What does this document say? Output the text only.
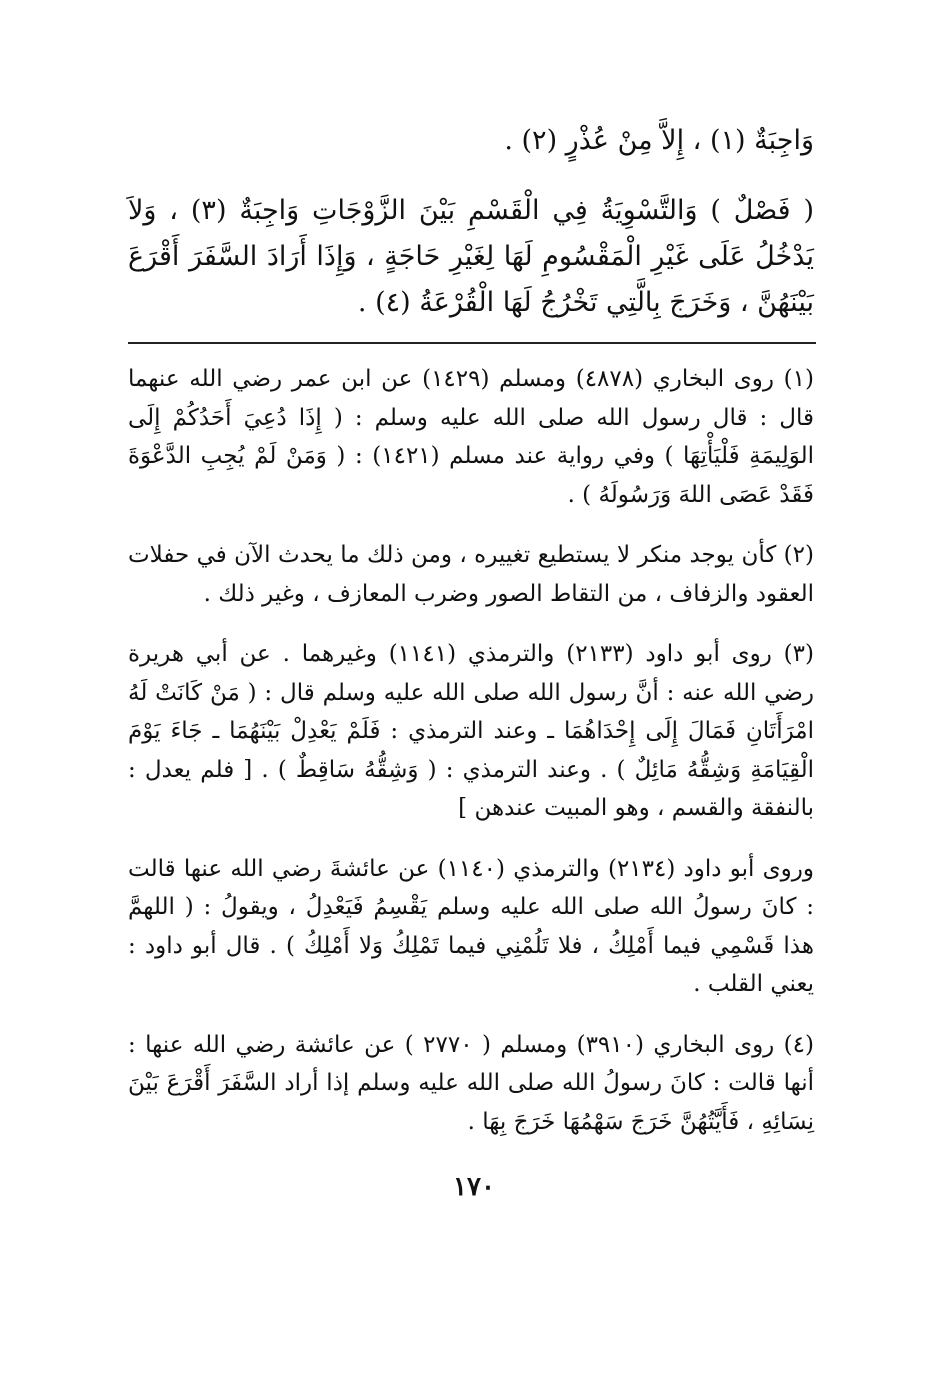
وَاجِبَةٌ (١) ، إِلاَّ مِنْ عُذْرٍ (٢) .

( فَصْلٌ ) وَالتَّسْوِيَةُ فِي الْقَسْمِ بَيْنَ الزَّوْجَاتِ وَاجِبَةٌ (٣) ، وَلاَ يَدْخُلُ عَلَى غَيْرِ الْمَقْسُومِ لَهَا لِغَيْرِ حَاجَةٍ ، وَإِذَا أَرَادَ السَّفَرَ أَقْرَعَ بَيْنَهُنَّ ، وَخَرَجَ بِالَّتِي تَخْرُجُ لَهَا الْقُرْعَةُ (٤) .

(١) روى البخاري (٤٨٧٨) ومسلم (١٤٢٩) عن ابن عمر رضي الله عنهما قال : قال رسول الله صلى الله عليه وسلم : ( إِذَا دُعِيَ أَحَدُكُمْ إِلَى الوَلِيمَةِ فَلْيَأْتِهَا ) وفي رواية عند مسلم (١٤٢١) : ( وَمَنْ لَمْ يُجِبِ الدَّعْوَةَ فَقَدْ عَصَى اللهَ وَرَسُولَهُ ) .

(٢) كأن يوجد منكر لا يستطيع تغييره ، ومن ذلك ما يحدث الآن في حفلات العقود والزفاف ، من التقاط الصور وضرب المعازف ، وغير ذلك .

(٣) روى أبو داود (٢١٣٣) والترمذي (١١٤١) وغيرهما . عن أبي هريرة رضي الله عنه : أنَّ رسول الله صلى الله عليه وسلم قال : ( مَنْ كَانَتْ لَهُ امْرَأَتَانِ فَمَالَ إِلَى إِحْدَاهُمَا ـ وعند الترمذي : فَلَمْ يَعْدِلْ بَيْنَهُمَا ـ جَاءَ يَوْمَ الْقِيَامَةِ وَشِقُّهُ مَائِلٌ ) . وعند الترمذي : ( وَشِقُّهُ سَاقِطٌ ) . [ فلم يعدل : بالنفقة والقسم ، وهو المبيت عندهن ]

وروى أبو داود (٢١٣٤) والترمذي (١١٤٠) عن عائشةَ رضي الله عنها قالت : كانَ رسولُ الله صلى الله عليه وسلم يَقْسِمُ فَيَعْدِلُ ، ويقولُ : ( اللهمَّ هذا قَسْمِي فيما أَمْلِكُ ، فلا تَلُمْنِي فيما تَمْلِكُ وَلا أَمْلِكُ ) . قال أبو داود : يعني القلب .

(٤) روى البخاري (٣٩١٠) ومسلم ( ٢٧٧٠ ) عن عائشة رضي الله عنها : أنها قالت : كانَ رسولُ الله صلى الله عليه وسلم إذا أراد السَّفَرَ أَقْرَعَ بَيْنَ نِسَائِهِ ، فَأَيَّتُهُنَّ خَرَجَ سَهْمُهَا خَرَجَ بِهَا .

١٧٠
